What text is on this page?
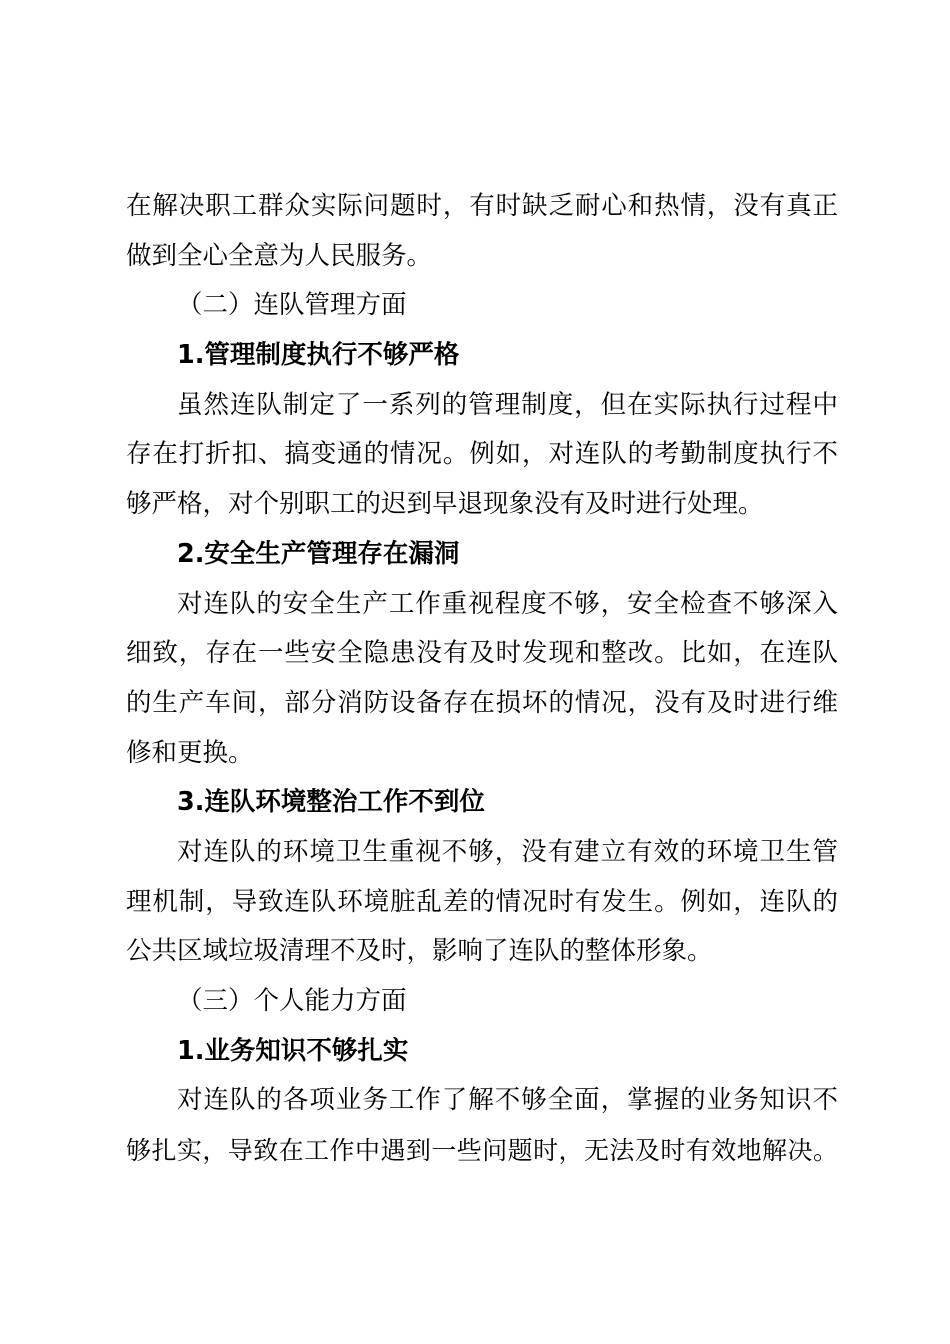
在解决职工群众实际问题时，有时缺乏耐心和热情，没有真正
做到全心全意为人民服务。
（二）连队管理方面
1.管理制度执行不够严格
虽然连队制定了一系列的管理制度，但在实际执行过程中
存在打折扣、搞变通的情况。例如，对连队的考勤制度执行不
够严格，对个别职工的迟到早退现象没有及时进行处理。
2.安全生产管理存在漏洞
对连队的安全生产工作重视程度不够，安全检查不够深入
细致，存在一些安全隐患没有及时发现和整改。比如，在连队
的生产车间，部分消防设备存在损坏的情况，没有及时进行维
修和更换。
3.连队环境整治工作不到位
对连队的环境卫生重视不够，没有建立有效的环境卫生管
理机制，导致连队环境脏乱差的情况时有发生。例如，连队的
公共区域垃圾清理不及时，影响了连队的整体形象。
（三）个人能力方面
1.业务知识不够扎实
对连队的各项业务工作了解不够全面，掌握的业务知识不
够扎实，导致在工作中遇到一些问题时，无法及时有效地解决。
